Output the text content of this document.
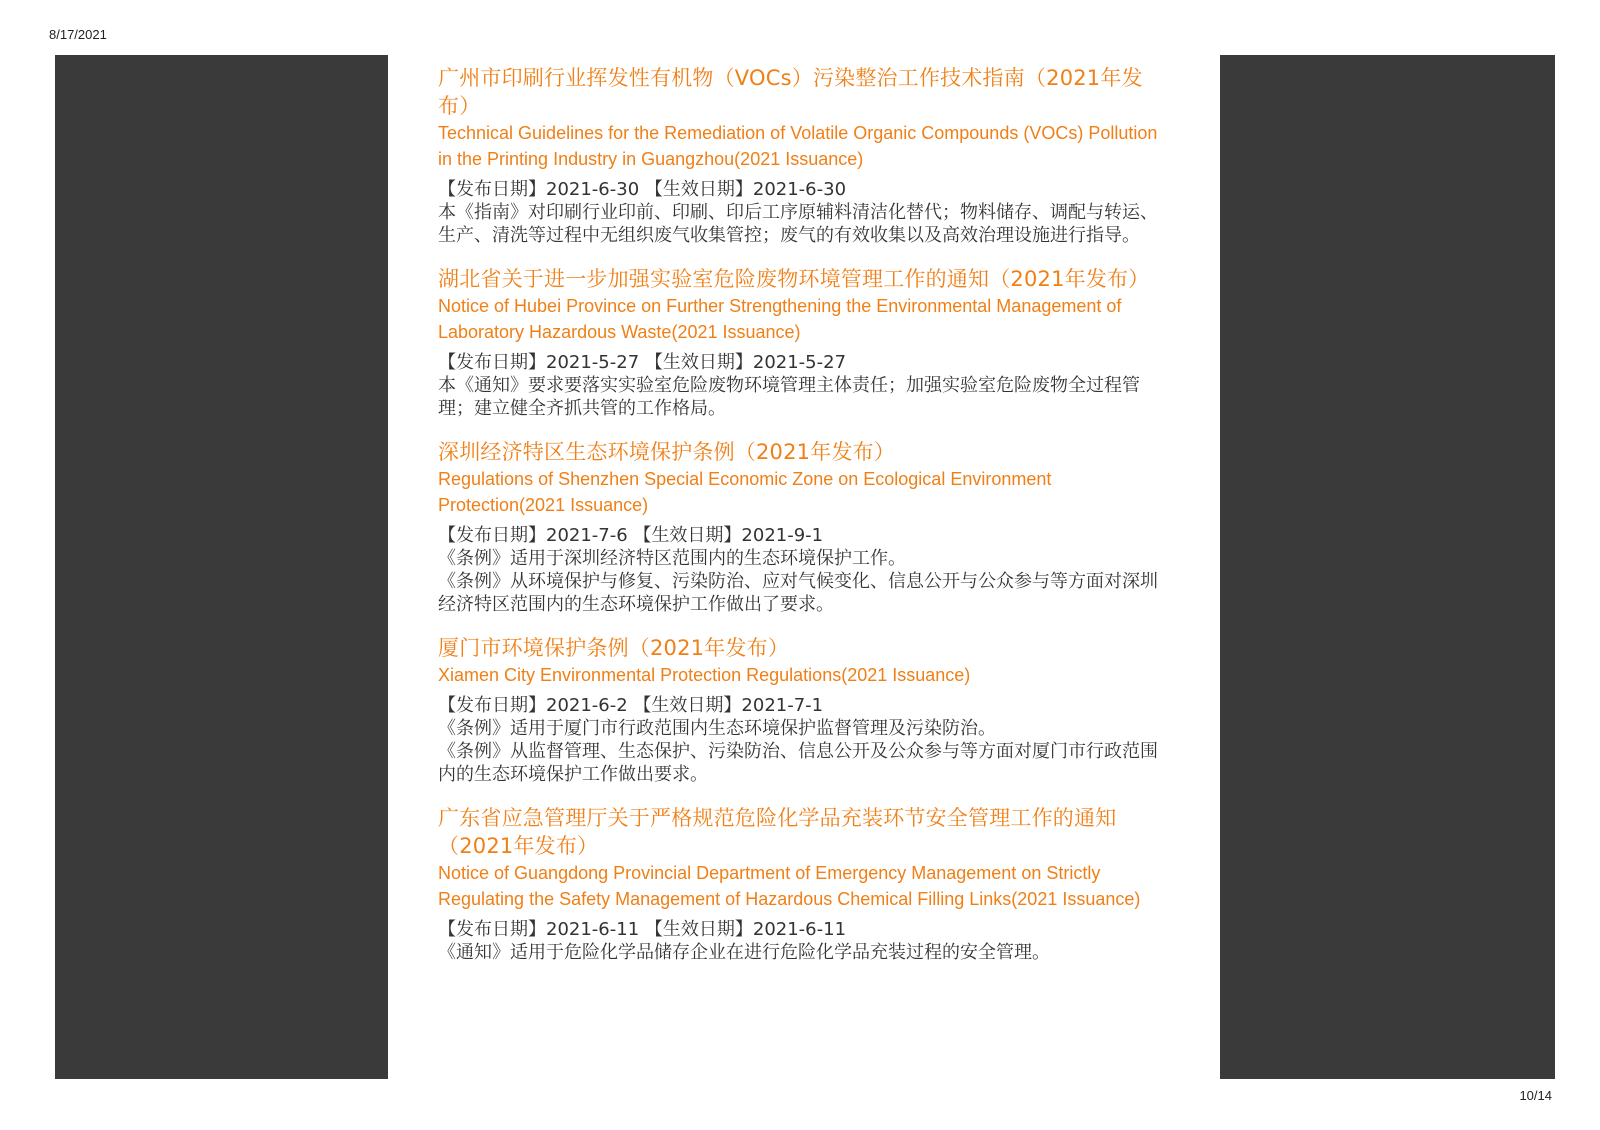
8/17/2021
广州市印刷行业挥发性有机物（VOCs）污染整治工作技术指南（2021年发布）

Technical Guidelines for the Remediation of Volatile Organic Compounds (VOCs) Pollution in the Printing Industry in Guangzhou(2021 Issuance)

【发布日期】2021-6-30 【生效日期】2021-6-30

本《指南》对印刷行业印前、印刷、印后工序原辅料清洁化替代；物料储存、调配与转运、生产、清洗等过程中无组织废气收集管控；废气的有效收集以及高效治理设施进行指导。

湖北省关于进一步加强实验室危险废物环境管理工作的通知（2021年发布）

Notice of Hubei Province on Further Strengthening the Environmental Management of Laboratory Hazardous Waste(2021 Issuance)

【发布日期】2021-5-27 【生效日期】2021-5-27

本《通知》要求要落实实验室危险废物环境管理主体责任；加强实验室危险废物全过程管理；建立健全齐抓共管的工作格局。

深圳经济特区生态环境保护条例（2021年发布）

Regulations of Shenzhen Special Economic Zone on Ecological Environment Protection(2021 Issuance)

【发布日期】2021-7-6 【生效日期】2021-9-1

《条例》适用于深圳经济特区范围内的生态环境保护工作。

《条例》从环境保护与修复、污染防治、应对气候变化、信息公开与公众参与等方面对深圳经济特区范围内的生态环境保护工作做出了要求。

厦门市环境保护条例（2021年发布）

Xiamen City Environmental Protection Regulations(2021 Issuance)

【发布日期】2021-6-2 【生效日期】2021-7-1

《条例》适用于厦门市行政范围内生态环境保护监督管理及污染防治。

《条例》从监督管理、生态保护、污染防治、信息公开及公众参与等方面对厦门市行政范围内的生态环境保护工作做出要求。

广东省应急管理厅关于严格规范危险化学品充装环节安全管理工作的通知（2021年发布）

Notice of Guangdong Provincial Department of Emergency Management on Strictly Regulating the Safety Management of Hazardous Chemical Filling Links(2021 Issuance)

【发布日期】2021-6-11 【生效日期】2021-6-11

《通知》适用于危险化学品储存企业在进行危险化学品充装过程的安全管理。

10/14
